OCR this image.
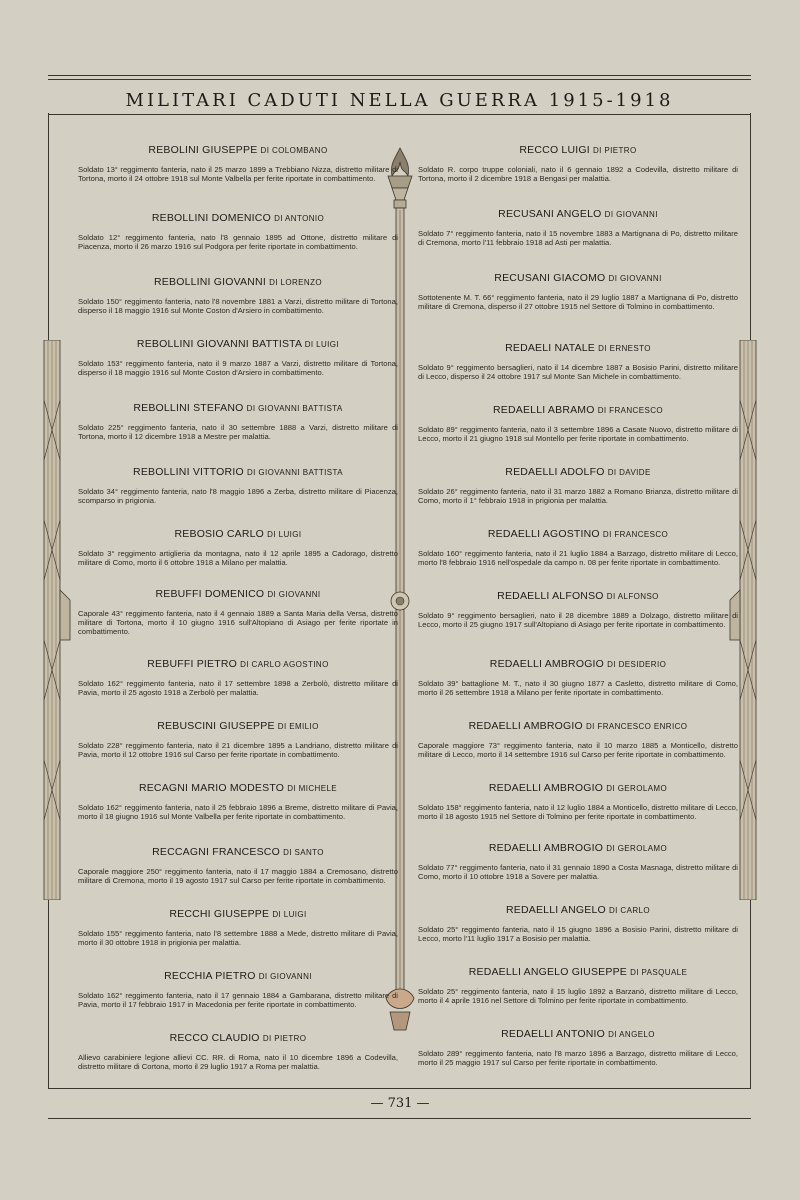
MILITARI CADUTI NELLA GUERRA 1915-1918
REBOLINI GIUSEPPE DI COLOMBANO
Soldato 13° reggimento fanteria, nato il 25 marzo 1899 a Trebbiano Nizza, distretto militare di Tortona, morto il 24 ottobre 1918 sul Monte Valbella per ferite riportate in combattimento.
REBOLLINI DOMENICO DI ANTONIO
Soldato 12° reggimento fanteria, nato l'8 gennaio 1895 ad Ottone, distretto militare di Piacenza, morto il 26 marzo 1916 sul Podgora per ferite riportate in combattimento.
REBOLLINI GIOVANNI DI LORENZO
Soldato 150° reggimento fanteria, nato l'8 novembre 1881 a Varzi, distretto militare di Tortona, disperso il 18 maggio 1916 sul Monte Coston d'Arsiero in combattimento.
REBOLLINI GIOVANNI BATTISTA DI LUIGI
Soldato 153° reggimento fanteria, nato il 9 marzo 1887 a Varzi, distretto militare di Tortona, disperso il 18 maggio 1916 sul Monte Coston d'Arsiero in combattimento.
REBOLLINI STEFANO DI GIOVANNI BATTISTA
Soldato 225° reggimento fanteria, nato il 30 settembre 1888 a Varzi, distretto militare di Tortona, morto il 12 dicembre 1918 a Mestre per malattia.
REBOLLINI VITTORIO DI GIOVANNI BATTISTA
Soldato 34° reggimento fanteria, nato l'8 maggio 1896 a Zerba, distretto militare di Piacenza, scomparso in prigionia.
REBOSIO CARLO DI LUIGI
Soldato 3° reggimento artiglieria da montagna, nato il 12 aprile 1895 a Cadorago, distretto militare di Como, morto il 6 ottobre 1918 a Milano per malattia.
REBUFFI DOMENICO DI GIOVANNI
Caporale 43° reggimento fanteria, nato il 4 gennaio 1889 a Santa Maria della Versa, distretto militare di Tortona, morto il 10 giugno 1916 sull'Altopiano di Asiago per ferite riportate in combattimento.
REBUFFI PIETRO DI CARLO AGOSTINO
Soldato 162° reggimento fanteria, nato il 17 settembre 1898 a Zerbolò, distretto militare di Pavia, morto il 25 agosto 1918 a Zerbolò per malattia.
REBUSCINI GIUSEPPE DI EMILIO
Soldato 228° reggimento fanteria, nato il 21 dicembre 1895 a Landriano, distretto militare di Pavia, morto il 12 ottobre 1916 sul Carso per ferite riportate in combattimento.
RECAGNI MARIO MODESTO DI MICHELE
Soldato 162° reggimento fanteria, nato il 25 febbraio 1896 a Breme, distretto militare di Pavia, morto il 18 giugno 1916 sul Monte Valbella per ferite riportate in combattimento.
RECCAGNI FRANCESCO DI SANTO
Caporale maggiore 250° reggimento fanteria, nato il 17 maggio 1884 a Cremosano, distretto militare di Cremona, morto il 19 agosto 1917 sul Carso per ferite riportate in combattimento.
RECCHI GIUSEPPE DI LUIGI
Soldato 155° reggimento fanteria, nato l'8 settembre 1888 a Mede, distretto militare di Pavia, morto il 30 ottobre 1918 in prigionia per malattia.
RECCHIA PIETRO DI GIOVANNI
Soldato 162° reggimento fanteria, nato il 17 gennaio 1884 a Gambarana, distretto militare di Pavia, morto il 17 febbraio 1917 in Macedonia per ferite riportate in combattimento.
RECCO CLAUDIO DI PIETRO
Allievo carabiniere legione allievi CC. RR. di Roma, nato il 10 dicembre 1896 a Codevilla, distretto militare di Cortona, morto il 29 luglio 1917 a Roma per malattia.
RECCO LUIGI DI PIETRO
Soldato R. corpo truppe coloniali, nato il 6 gennaio 1892 a Codevilla, distretto militare di Tortona, morto il 2 dicembre 1918 a Bengasi per malattia.
RECUSANI ANGELO DI GIOVANNI
Soldato 7° reggimento fanteria, nato il 15 novembre 1883 a Martignana di Po, distretto militare di Cremona, morto l'11 febbraio 1918 ad Asti per malattia.
RECUSANI GIACOMO DI GIOVANNI
Sottotenente M. T. 66° reggimento fanteria, nato il 29 luglio 1887 a Martignana di Po, distretto militare di Cremona, disperso il 27 ottobre 1915 nel Settore di Tolmino in combattimento.
REDAELI NATALE DI ERNESTO
Soldato 9° reggimento bersaglieri, nato il 14 dicembre 1887 a Bosisio Parini, distretto militare di Lecco, disperso il 24 ottobre 1917 sul Monte San Michele in combattimento.
REDAELLI ABRAMO DI FRANCESCO
Soldato 89° reggimento fanteria, nato il 3 settembre 1896 a Casate Nuovo, distretto militare di Lecco, morto il 21 giugno 1918 sul Montello per ferite riportate in combattimento.
REDAELLI ADOLFO DI DAVIDE
Soldato 26° reggimento fanteria, nato il 31 marzo 1882 a Romano Brianza, distretto militare di Como, morto il 1° febbraio 1918 in prigionia per malattia.
REDAELLI AGOSTINO DI FRANCESCO
Soldato 160° reggimento fanteria, nato il 21 luglio 1884 a Barzago, distretto militare di Lecco, morto l'8 febbraio 1916 nell'ospedale da campo n. 08 per ferite riportate in combattimento.
REDAELLI ALFONSO DI ALFONSO
Soldato 9° reggimento bersaglieri, nato il 28 dicembre 1889 a Dolzago, distretto militare di Lecco, morto il 25 giugno 1917 sull'Altopiano di Asiago per ferite riportate in combattimento.
REDAELLI AMBROGIO DI DESIDERIO
Soldato 39° battaglione M. T., nato il 30 giugno 1877 a Casletto, distretto militare di Como, morto il 26 settembre 1918 a Milano per ferite riportate in combattimento.
REDAELLI AMBROGIO DI FRANCESCO ENRICO
Caporale maggiore 73° reggimento fanteria, nato il 10 marzo 1885 a Monticello, distretto militare di Lecco, morto il 14 settembre 1916 sul Carso per ferite riportate in combattimento.
REDAELLI AMBROGIO DI GEROLAMO
Soldato 158° reggimento fanteria, nato il 12 luglio 1884 a Monticello, distretto militare di Lecco, morto il 18 agosto 1915 nel Settore di Tolmino per ferite riportate in combattimento.
REDAELLI AMBROGIO DI GEROLAMO
Soldato 77° reggimento fanteria, nato il 31 gennaio 1890 a Costa Masnaga, distretto militare di Como, morto il 10 ottobre 1918 a Sovere per malattia.
REDAELLI ANGELO DI CARLO
Soldato 25° reggimento fanteria, nato il 15 giugno 1896 a Bosisio Parini, distretto militare di Lecco, morto l'11 luglio 1917 a Bosisio per malattia.
REDAELLI ANGELO GIUSEPPE DI PASQUALE
Soldato 25° reggimento fanteria, nato il 15 luglio 1892 a Barzanò, distretto militare di Lecco, morto il 4 aprile 1916 nel Settore di Tolmino per ferite riportate in combattimento.
REDAELLI ANTONIO DI ANGELO
Soldato 289° reggimento fanteria, nato l'8 marzo 1896 a Barzago, distretto militare di Lecco, morto il 25 maggio 1917 sul Carso per ferite riportate in combattimento.
— 731 —
